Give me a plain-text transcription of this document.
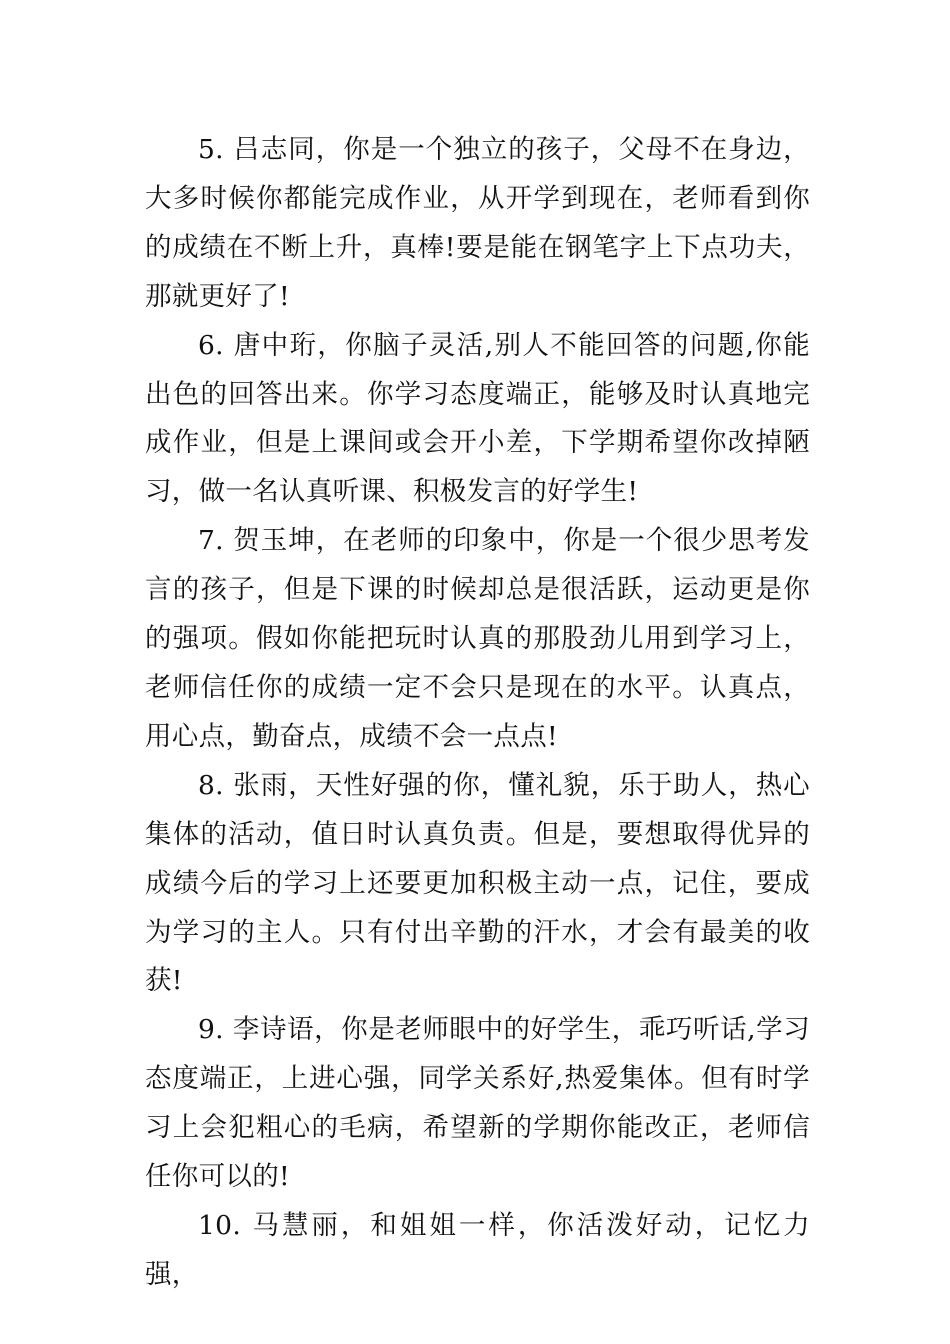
5. 吕志同，你是一个独立的孩子，父母不在身边，大多时候你都能完成作业，从开学到现在，老师看到你的成绩在不断上升，真棒!要是能在钢笔字上下点功夫，那就更好了!

6. 唐中珩，你脑子灵活,别人不能回答的问题,你能出色的回答出来。你学习态度端正，能够及时认真地完成作业，但是上课间或会开小差，下学期希望你改掉陋习，做一名认真听课、积极发言的好学生!

7. 贺玉坤，在老师的印象中，你是一个很少思考发言的孩子，但是下课的时候却总是很活跃，运动更是你的强项。假如你能把玩时认真的那股劲儿用到学习上，老师信任你的成绩一定不会只是现在的水平。认真点，用心点，勤奋点，成绩不会一点点!

8. 张雨，天性好强的你，懂礼貌，乐于助人，热心集体的活动，值日时认真负责。但是，要想取得优异的成绩今后的学习上还要更加积极主动一点，记住，要成为学习的主人。只有付出辛勤的汗水，才会有最美的收获!

9. 李诗语，你是老师眼中的好学生，乖巧听话,学习态度端正，上进心强，同学关系好,热爱集体。但有时学习上会犯粗心的毛病，希望新的学期你能改正，老师信任你可以的!

10. 马慧丽，和姐姐一样，你活泼好动，记忆力强，
